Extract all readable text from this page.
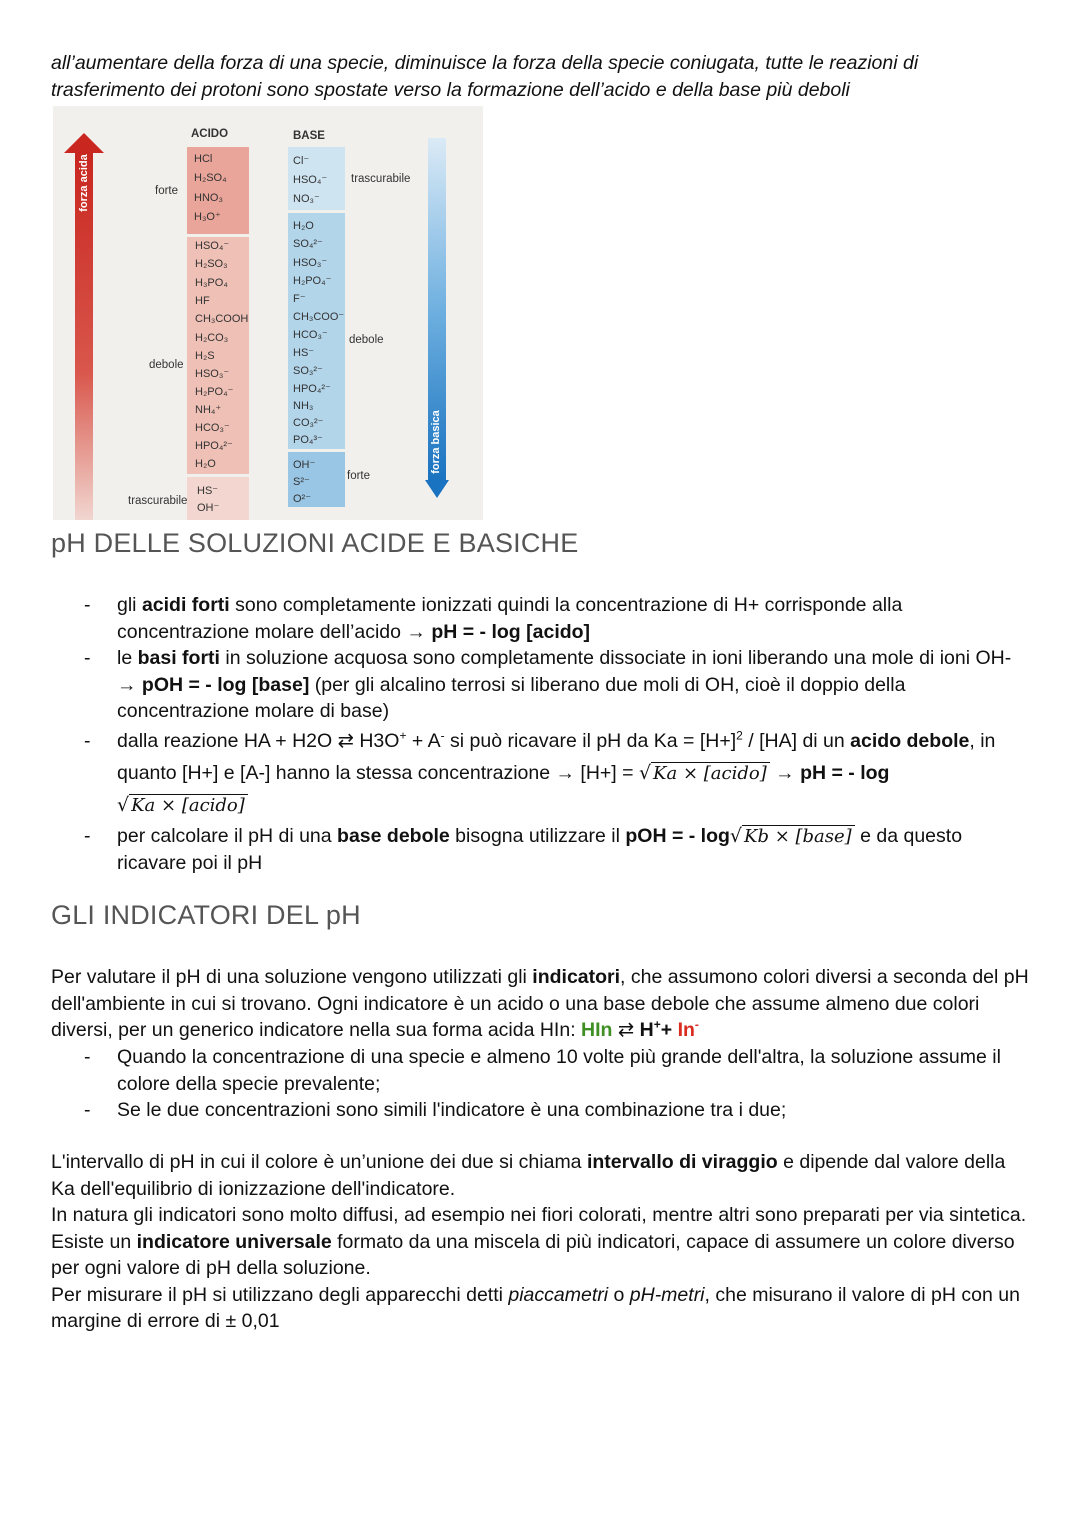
all’aumentare della forza di una specie, diminuisce la forza della specie coniugata, tutte le reazioni di trasferimento dei protoni sono spostate verso la formazione dell’acido e della base più deboli
forza acida
forza basica
ACIDO	BASE
forte
debole
trascurabile
trascurabile
debole
forte
HCl
H₂SO₄
HNO₃
H₃O⁺
HSO₄⁻
H₂SO₃
H₃PO₄
HF
CH₃COOH
H₂CO₃
H₂S
HSO₃⁻
H₂PO₄⁻
NH₄⁺
HCO₃⁻
HPO₄²⁻
H₂O
HS⁻
OH⁻
Cl⁻
HSO₄⁻
NO₃⁻
H₂O
SO₄²⁻
HSO₃⁻
H₂PO₄⁻
F⁻
CH₃COO⁻
HCO₃⁻
HS⁻
SO₃²⁻
HPO₄²⁻
NH₃
CO₃²⁻
PO₄³⁻
OH⁻
S²⁻
O²⁻
pH DELLE SOLUZIONI ACIDE E BASICHE
- gli acidi forti sono completamente ionizzati quindi la concentrazione di H+ corrisponde alla concentrazione molare dell’acido → pH = - log [acido]
- le basi forti in soluzione acquosa sono completamente dissociate in ioni liberando una mole di ioni OH- → pOH = - log [base] (per gli alcalino terrosi si liberano due moli di OH, cioè il doppio della concentrazione molare di base)
- dalla reazione HA + H2O ⇄ H3O+ + A- si può ricavare il pH da $Ka = [H+]^2 / [HA]$ di un acido debole, in quanto [H+] e [A-] hanno la stessa concentrazione → [H+] = √ Ka × [acido] → pH = - log
√ Ka × [acido]
- per calcolare il pH di una base debole bisogna utilizzare il pOH = - log√ Kb × [base] e da questo ricavare poi il pH
GLI INDICATORI DEL pH
Per valutare il pH di una soluzione vengono utilizzati gli indicatori, che assumono colori diversi a seconda del pH dell'ambiente in cui si trovano. Ogni indicatore è un acido o una base debole che assume almeno due colori diversi, per un generico indicatore nella sua forma acida HIn: HIn ⇄ H++ In-
- Quando la concentrazione di una specie e almeno 10 volte più grande dell'altra, la soluzione assume il colore della specie prevalente;
- Se le due concentrazioni sono simili l'indicatore è una combinazione tra i due;
L'intervallo di pH in cui il colore è un’unione dei due si chiama intervallo di viraggio e dipende dal valore della Ka dell'equilibrio di ionizzazione dell'indicatore.
In natura gli indicatori sono molto diffusi, ad esempio nei fiori colorati, mentre altri sono preparati per via sintetica. Esiste un indicatore universale formato da una miscela di più indicatori, capace di assumere un colore diverso per ogni valore di pH della soluzione.
Per misurare il pH si utilizzano degli apparecchi detti piaccametri o pH-metri, che misurano il valore di pH con un margine di errore di ± 0,01
